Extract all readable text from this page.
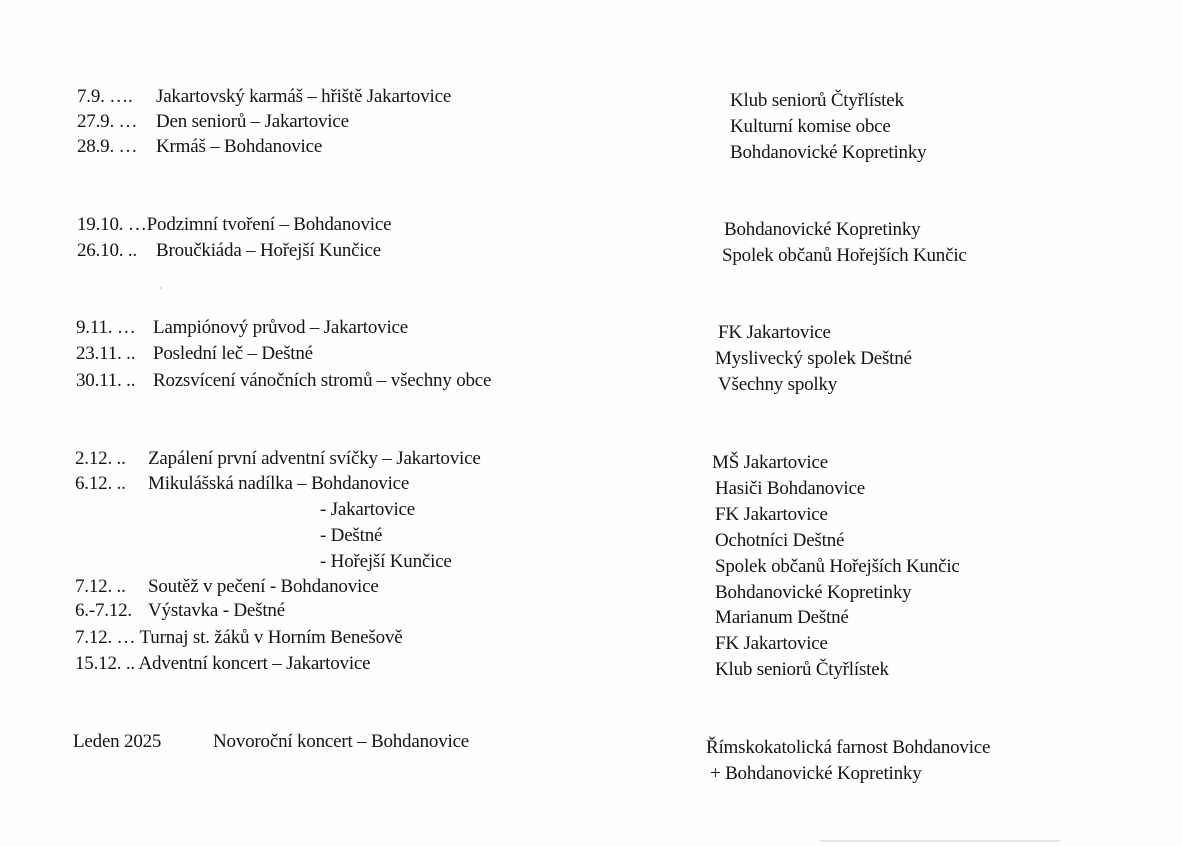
7.9. …. Jakartovský karmáš – hřiště Jakartovice
27.9. … Den seniorů – Jakartovice
28.9. … Krmáš – Bohdanovice
Klub seniorů Čtyřlístek
Kulturní komise obce
Bohdanovické Kopretinky
19.10. …Podzimní tvoření – Bohdanovice
26.10. .. Broučkiáda – Hořejší Kunčice
Bohdanovické Kopretinky
Spolek občanů Hořejších Kunčic
9.11. … Lampiónový průvod – Jakartovice
23.11. .. Poslední leč – Deštné
30.11. .. Rozsvícení vánočních stromů – všechny obce
FK Jakartovice
Myslivecký spolek Deštné
Všechny spolky
2.12. .. Zapálení první adventní svíčky – Jakartovice
6.12. .. Mikulášská nadílka – Bohdanovice
- Jakartovice
- Deštné
- Hořejší Kunčice
7.12. .. Soutěž v pečení - Bohdanovice
6.-7.12. Výstavka - Deštné
7.12. … Turnaj st. žáků v Horním Benešově
15.12. .. Adventní koncert – Jakartovice
MŠ Jakartovice
Hasiči Bohdanovice
FK Jakartovice
Ochotníci Deštné
Spolek občanů Hořejších Kunčic
Bohdanovické Kopretinky
Marianum Deštné
FK Jakartovice
Klub seniorů Čtyřlístek
Leden 2025	Novoroční koncert – Bohdanovice	Římskokatolická farnost Bohdanovice
+ Bohdanovické Kopretinky
